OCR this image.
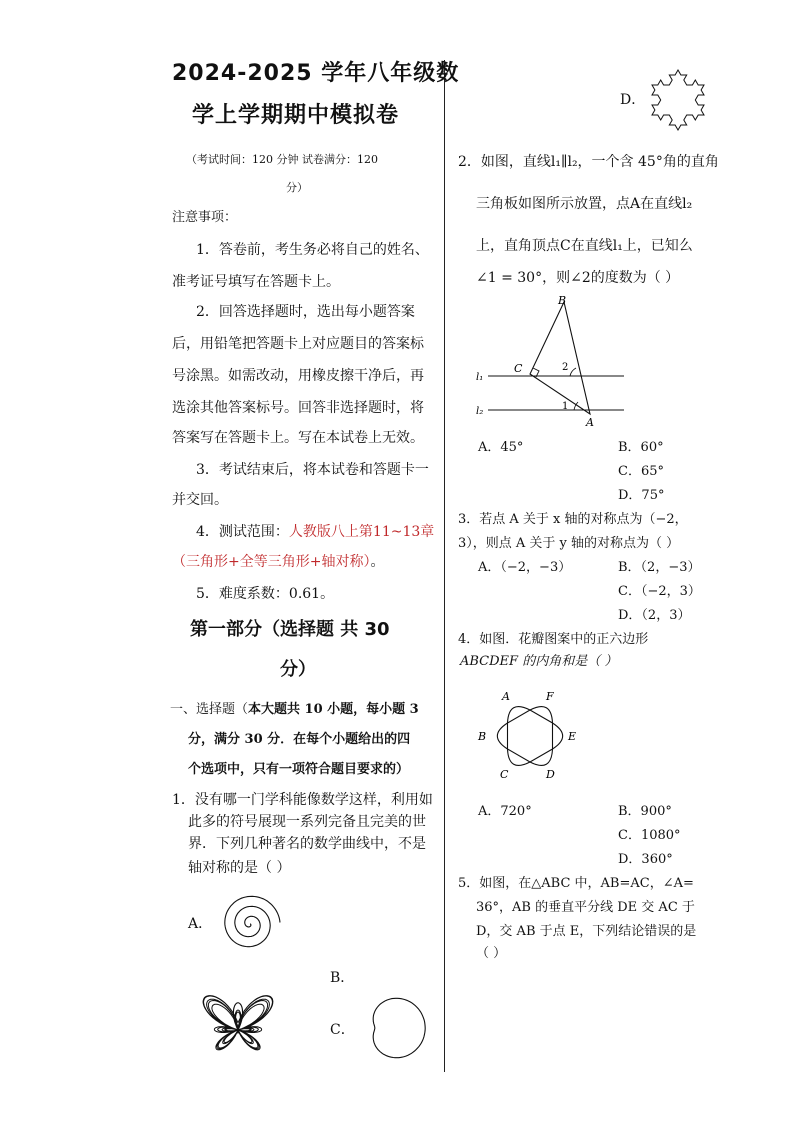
2024-2025 学年八年级数
学上学期期中模拟卷
（考试时间：120 分钟 试卷满分：120
分）
注意事项：
1．答卷前，考生务必将自己的姓名、
准考证号填写在答题卡上。
2．回答选择题时，选出每小题答案
后，用铅笔把答题卡上对应题目的答案标
号涂黑。如需改动，用橡皮擦干净后，再
选涂其他答案标号。回答非选择题时，将
答案写在答题卡上。写在本试卷上无效。
3．考试结束后，将本试卷和答题卡一
并交回。
4．测试范围：人教版八上第11~13章
（三角形+全等三角形+轴对称）。
5．难度系数：0.61。
第一部分（选择题 共 30
分）
一、选择题（本大题共 10 小题，每小题 3
分，满分 30 分．在每个小题给出的四
个选项中，只有一项符合题目要求的）
1．没有哪一门学科能像数学这样，利用如
此多的符号展现一系列完备且完美的世
界．下列几种著名的数学曲线中，不是
轴对称的是（ ）
A．
B．
C．
D．
2．如图，直线l₁∥l₂，一个含 45°角的直角
三角板如图所示放置，点A在直线l₂
上，直角顶点C在直线l₁上，已知么
∠1 = 30°，则∠2的度数为（ ）
B
C
A
1
2
l₁
l₂
A．45°	B．60°
C．65°
D．75°
3．若点 A 关于 x 轴的对称点为（−2，
3），则点 A 关于 y 轴的对称点为（ ）
A．（−2，−3）	B．（2，−3）
C．（−2，3）
D．（2，3）
4．如图．花瓣图案中的正六边形
ABCDEF 的内角和是（ ）
A	F
B	E
C	D
A．720°	B．900°
C．1080°
D．360°
5．如图，在△ABC 中，AB=AC，∠A=
36°，AB 的垂直平分线 DE 交 AC 于
D，交 AB 于点 E，下列结论错误的是
（ ）
